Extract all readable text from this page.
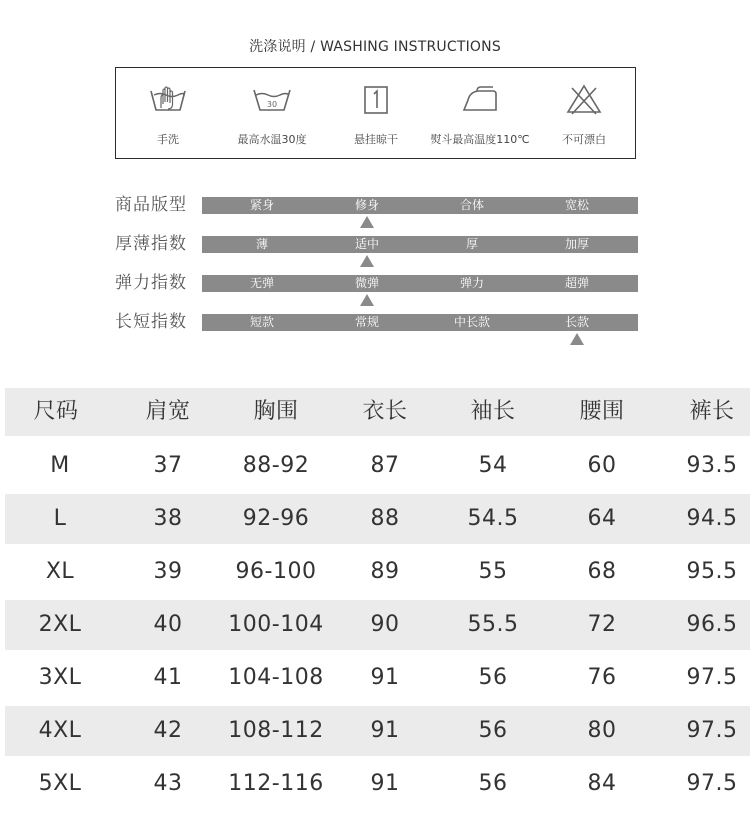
洗涤说明 / WASHING INSTRUCTIONS
手洗
30
最高水温30度	悬挂晾干	熨斗最高温度110℃	不可漂白
商品版型	紧身	修身	合体	宽松
厚薄指数	薄	适中	厚	加厚
弹力指数	无弹	微弹	弹力	超弹
长短指数	短款	常规	中长款	长款
尺码	肩宽	胸围	衣长	袖长	腰围	裤长
M	37	88-92	87	54	60	93.5
L	38	92-96	88	54.5	64	94.5
XL	39	96-100	89	55	68	95.5
2XL	40	100-104	90	55.5	72	96.5
3XL	41	104-108	91	56	76	97.5
4XL	42	108-112	91	56	80	97.5
5XL	43	112-116	91	56	84	97.5
